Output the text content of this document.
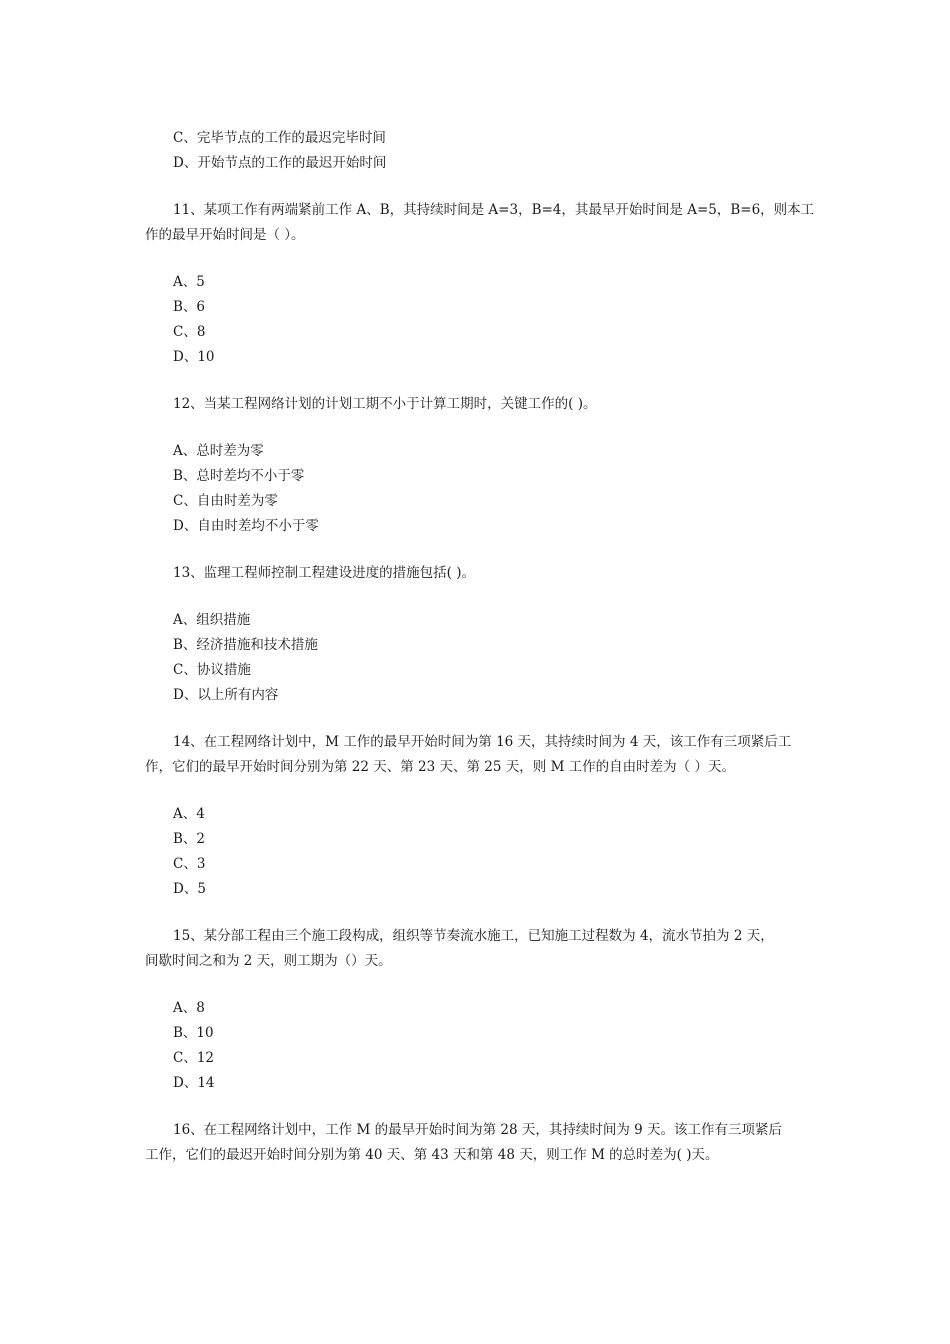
C、完毕节点的工作的最迟完毕时间
D、开始节点的工作的最迟开始时间
11、某项工作有两端紧前工作 A、B，其持续时间是 A=3，B=4，其最早开始时间是 A=5，B=6，则本工
作的最早开始时间是（ ）。
A、5
B、6
C、8
D、10
12、当某工程网络计划的计划工期不小于计算工期时，关键工作的( )。
A、总时差为零
B、总时差均不小于零
C、自由时差为零
D、自由时差均不小于零
13、监理工程师控制工程建设进度的措施包括( )。
A、组织措施
B、经济措施和技术措施
C、协议措施
D、以上所有内容
14、在工程网络计划中，M 工作的最早开始时间为第 16 天，其持续时间为 4 天，该工作有三项紧后工
作，它们的最早开始时间分别为第 22 天、第 23 天、第 25 天，则 M 工作的自由时差为（ ）天。
A、4
B、2
C、3
D、5
15、某分部工程由三个施工段构成，组织等节奏流水施工，已知施工过程数为 4，流水节拍为 2 天，
间歇时间之和为 2 天，则工期为（）天。
A、8
B、10
C、12
D、14
16、在工程网络计划中，工作 M 的最早开始时间为第 28 天，其持续时间为 9 天。该工作有三项紧后
工作，它们的最迟开始时间分别为第 40 天、第 43 天和第 48 天，则工作 M 的总时差为( )天。
